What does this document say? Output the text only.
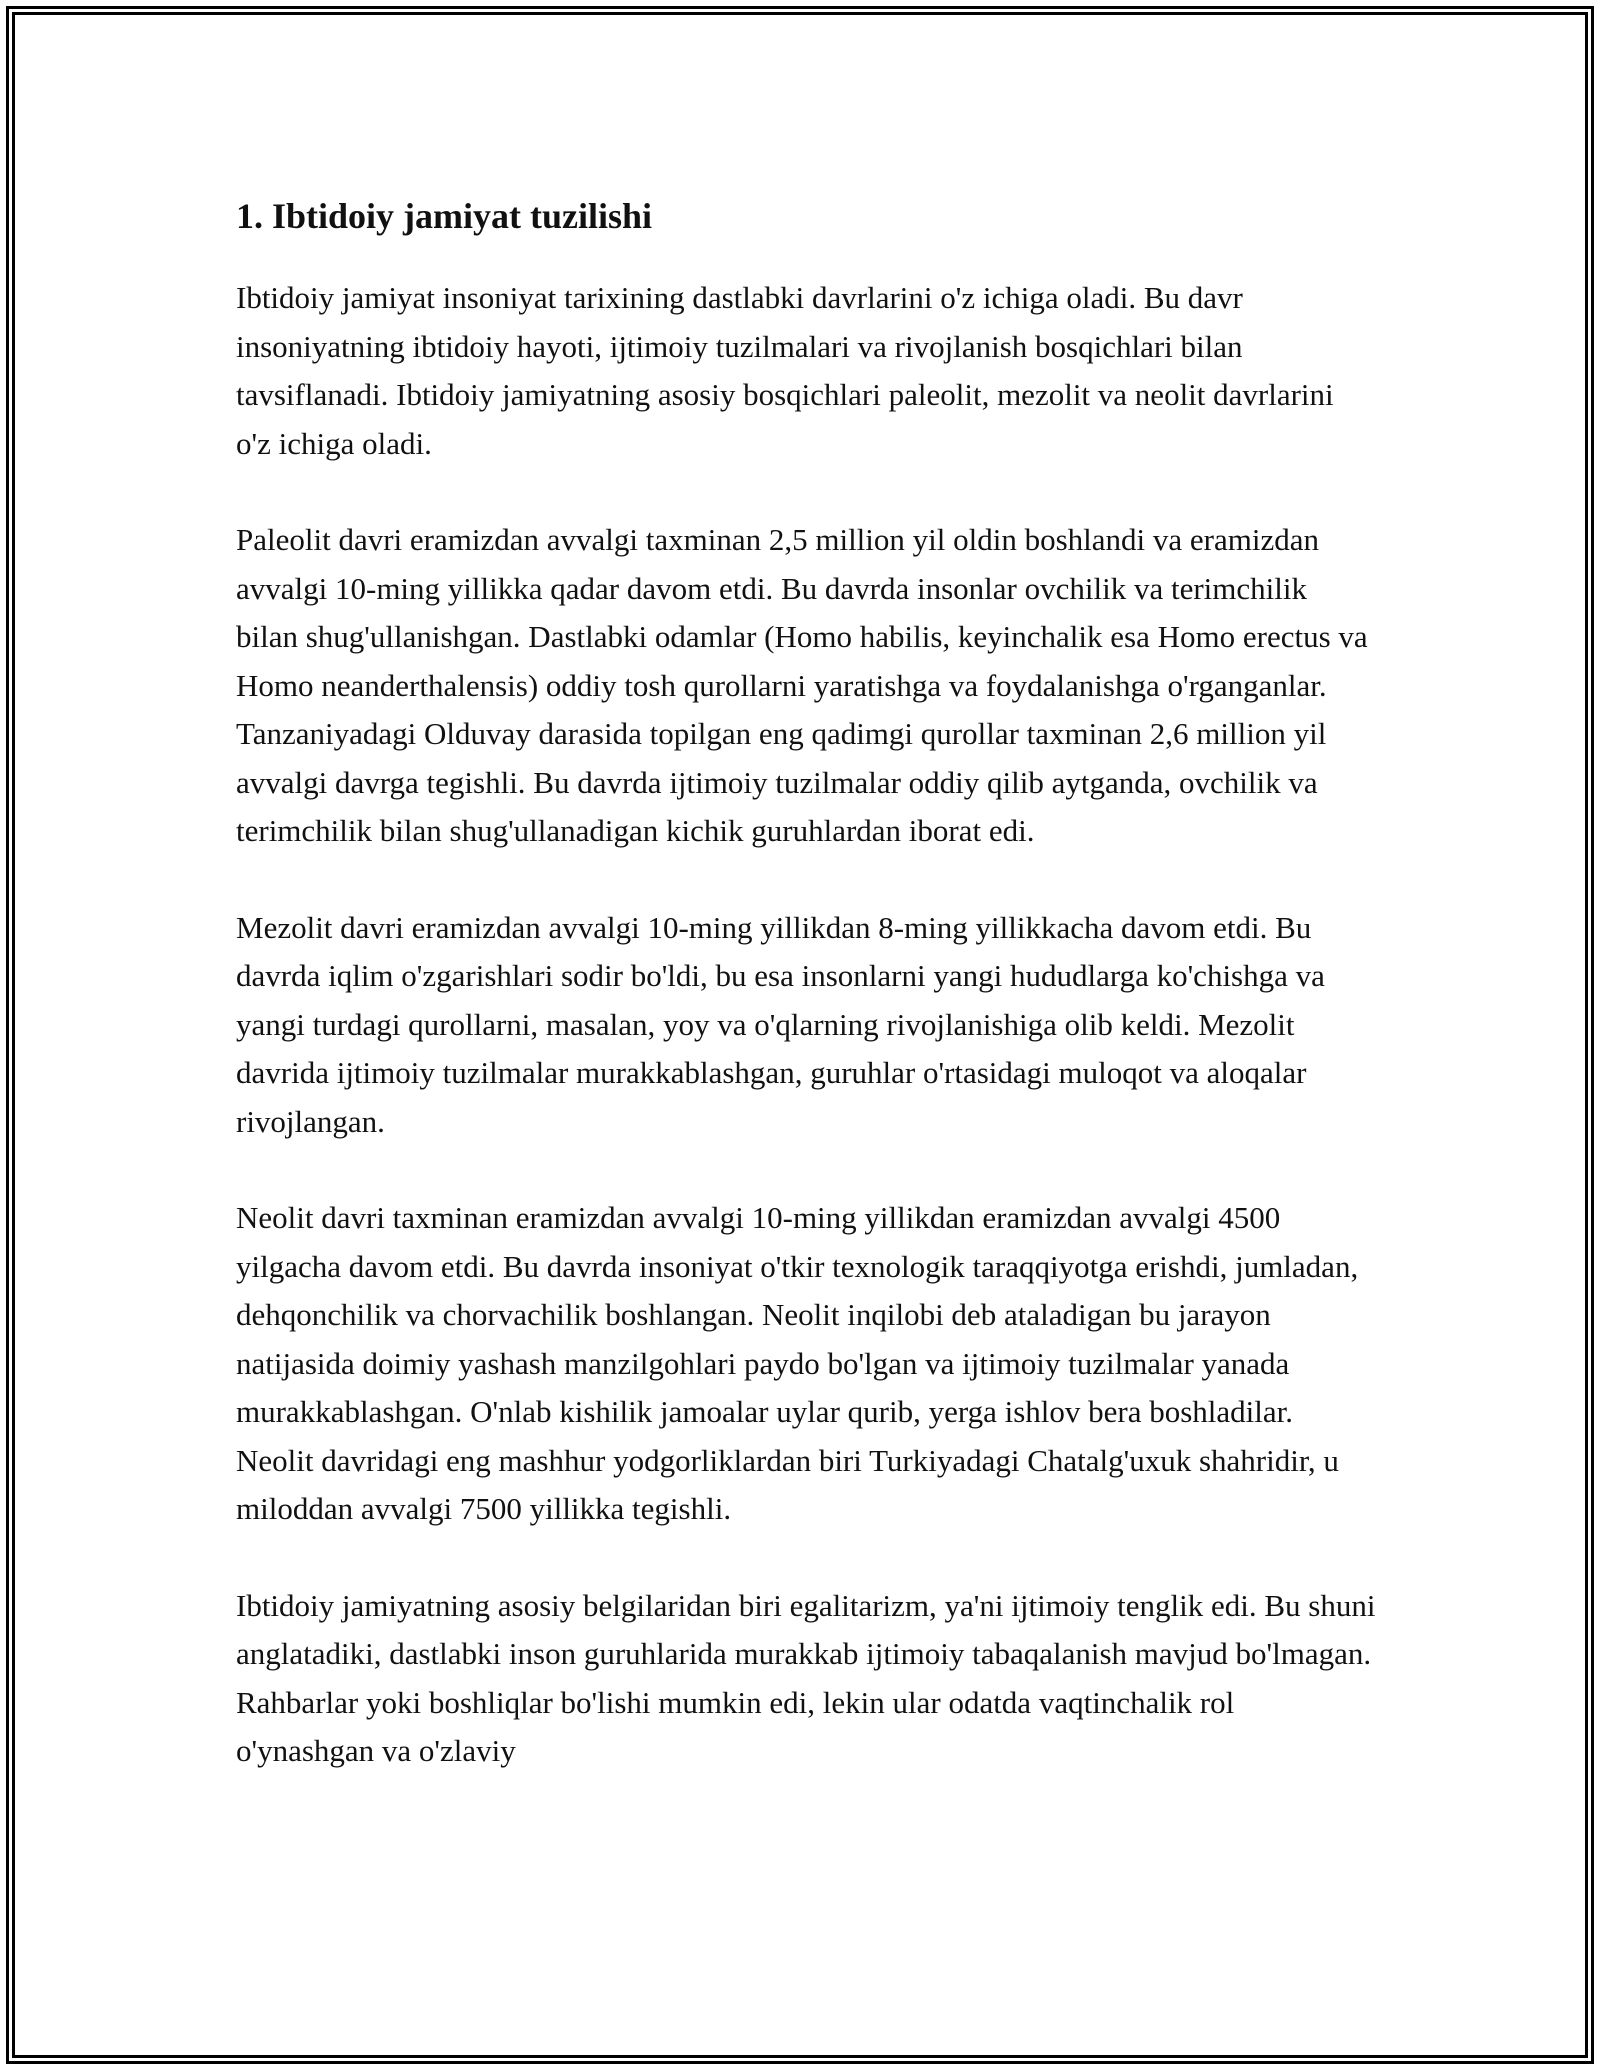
1. Ibtidoiy jamiyat tuzilishi

Ibtidoiy jamiyat insoniyat tarixining dastlabki davrlarini o'z ichiga oladi. Bu davr insoniyatning ibtidoiy hayoti, ijtimoiy tuzilmalari va rivojlanish bosqichlari bilan tavsiflanadi. Ibtidoiy jamiyatning asosiy bosqichlari paleolit, mezolit va neolit davrlarini o'z ichiga oladi.

Paleolit davri eramizdan avvalgi taxminan 2,5 million yil oldin boshlandi va eramizdan avvalgi 10-ming yillikka qadar davom etdi. Bu davrda insonlar ovchilik va terimchilik bilan shug'ullanishgan. Dastlabki odamlar (Homo habilis, keyinchalik esa Homo erectus va Homo neanderthalensis) oddiy tosh qurollarni yaratishga va foydalanishga o'rganganlar. Tanzaniyadagi Olduvay darasida topilgan eng qadimgi qurollar taxminan 2,6 million yil avvalgi davrga tegishli. Bu davrda ijtimoiy tuzilmalar oddiy qilib aytganda, ovchilik va terimchilik bilan shug'ullanadigan kichik guruhlardan iborat edi.

Mezolit davri eramizdan avvalgi 10-ming yillikdan 8-ming yillikkacha davom etdi. Bu davrda iqlim o'zgarishlari sodir bo'ldi, bu esa insonlarni yangi hududlarga ko'chishga va yangi turdagi qurollarni, masalan, yoy va o'qlarning rivojlanishiga olib keldi. Mezolit davrida ijtimoiy tuzilmalar murakkablashgan, guruhlar o'rtasidagi muloqot va aloqalar rivojlangan.

Neolit davri taxminan eramizdan avvalgi 10-ming yillikdan eramizdan avvalgi 4500 yilgacha davom etdi. Bu davrda insoniyat o'tkir texnologik taraqqiyotga erishdi, jumladan, dehqonchilik va chorvachilik boshlangan. Neolit inqilobi deb ataladigan bu jarayon natijasida doimiy yashash manzilgohlari paydo bo'lgan va ijtimoiy tuzilmalar yanada murakkablashgan. O'nlab kishilik jamoalar uylar qurib, yerga ishlov bera boshladilar. Neolit davridagi eng mashhur yodgorliklardan biri Turkiyadagi Chatalg'uxuk shahridir, u miloddan avvalgi 7500 yillikka tegishli.

Ibtidoiy jamiyatning asosiy belgilaridan biri egalitarizm, ya'ni ijtimoiy tenglik edi. Bu shuni anglatadiki, dastlabki inson guruhlarida murakkab ijtimoiy tabaqalanish mavjud bo'lmagan. Rahbarlar yoki boshliqlar bo'lishi mumkin edi, lekin ular odatda vaqtinchalik rol o'ynashgan va o'zlaviy
